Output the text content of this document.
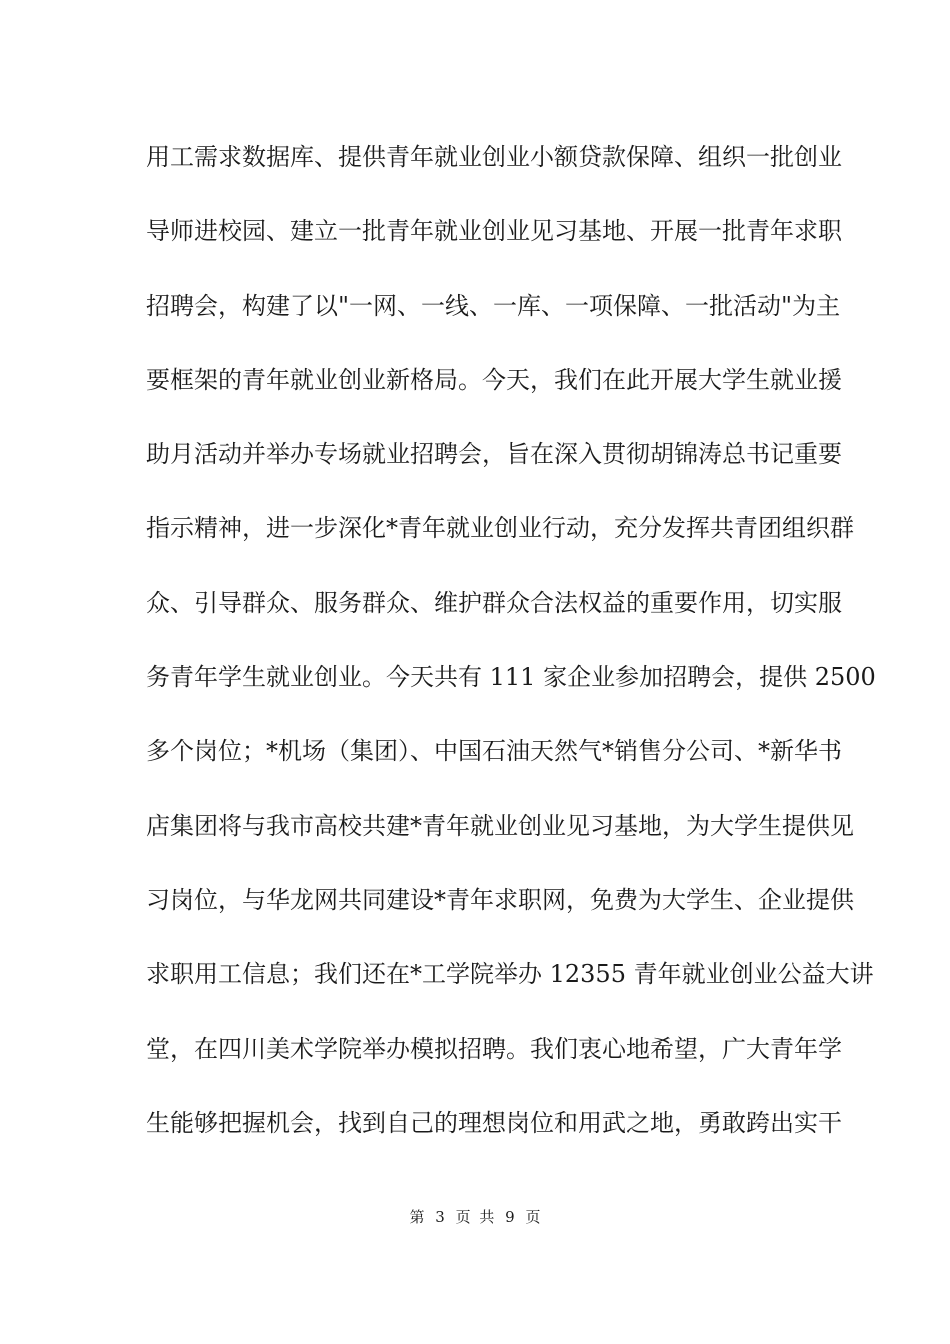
用工需求数据库、提供青年就业创业小额贷款保障、组织一批创业
导师进校园、建立一批青年就业创业见习基地、开展一批青年求职
招聘会，构建了以"一网、一线、一库、一项保障、一批活动"为主
要框架的青年就业创业新格局。今天，我们在此开展大学生就业援
助月活动并举办专场就业招聘会，旨在深入贯彻胡锦涛总书记重要
指示精神，进一步深化*青年就业创业行动，充分发挥共青团组织群
众、引导群众、服务群众、维护群众合法权益的重要作用，切实服
务青年学生就业创业。今天共有 111 家企业参加招聘会，提供 2500
多个岗位；*机场（集团）、中国石油天然气*销售分公司、*新华书
店集团将与我市高校共建*青年就业创业见习基地，为大学生提供见
习岗位，与华龙网共同建设*青年求职网，免费为大学生、企业提供
求职用工信息；我们还在*工学院举办 12355 青年就业创业公益大讲
堂，在四川美术学院举办模拟招聘。我们衷心地希望，广大青年学
生能够把握机会，找到自己的理想岗位和用武之地，勇敢跨出实干
第 3 页 共 9 页
